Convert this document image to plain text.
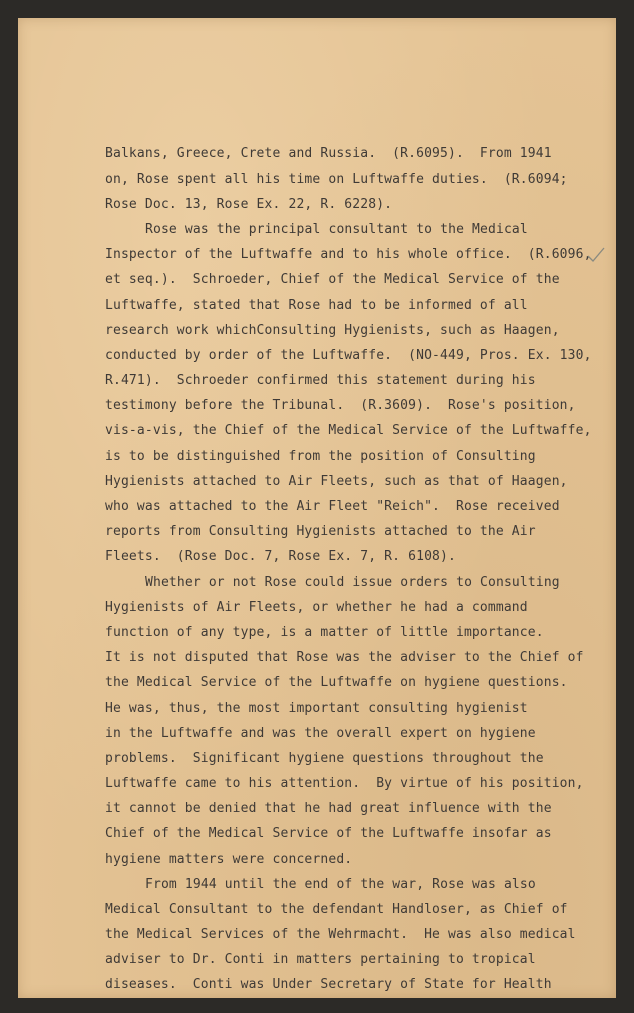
Balkans, Greece, Crete and Russia.  (R.6095).  From 1941
on, Rose spent all his time on Luftwaffe duties.  (R.6094;
Rose Doc. 13, Rose Ex. 22, R. 6228).
Rose was the principal consultant to the Medical
Inspector of the Luftwaffe and to his whole office.  (R.6096,
et seq.).  Schroeder, Chief of the Medical Service of the
Luftwaffe, stated that Rose had to be informed of all
research work whichConsulting Hygienists, such as Haagen,
conducted by order of the Luftwaffe.  (NO-449, Pros. Ex. 130,
R.471).  Schroeder confirmed this statement during his
testimony before the Tribunal.  (R.3609).  Rose's position,
vis-a-vis, the Chief of the Medical Service of the Luftwaffe,
is to be distinguished from the position of Consulting
Hygienists attached to Air Fleets, such as that of Haagen,
who was attached to the Air Fleet "Reich".  Rose received
reports from Consulting Hygienists attached to the Air
Fleets.  (Rose Doc. 7, Rose Ex. 7, R. 6108).
Whether or not Rose could issue orders to Consulting
Hygienists of Air Fleets, or whether he had a command
function of any type, is a matter of little importance.
It is not disputed that Rose was the adviser to the Chief of
the Medical Service of the Luftwaffe on hygiene questions.
He was, thus, the most important consulting hygienist
in the Luftwaffe and was the overall expert on hygiene
problems.  Significant hygiene questions throughout the
Luftwaffe came to his attention.  By virtue of his position,
it cannot be denied that he had great influence with the
Chief of the Medical Service of the Luftwaffe insofar as
hygiene matters were concerned.
From 1944 until the end of the war, Rose was also
Medical Consultant to the defendant Handloser, as Chief of
the Medical Services of the Wehrmacht.  He was also medical
adviser to Dr. Conti in matters pertaining to tropical
diseases.  Conti was Under Secretary of State for Health
